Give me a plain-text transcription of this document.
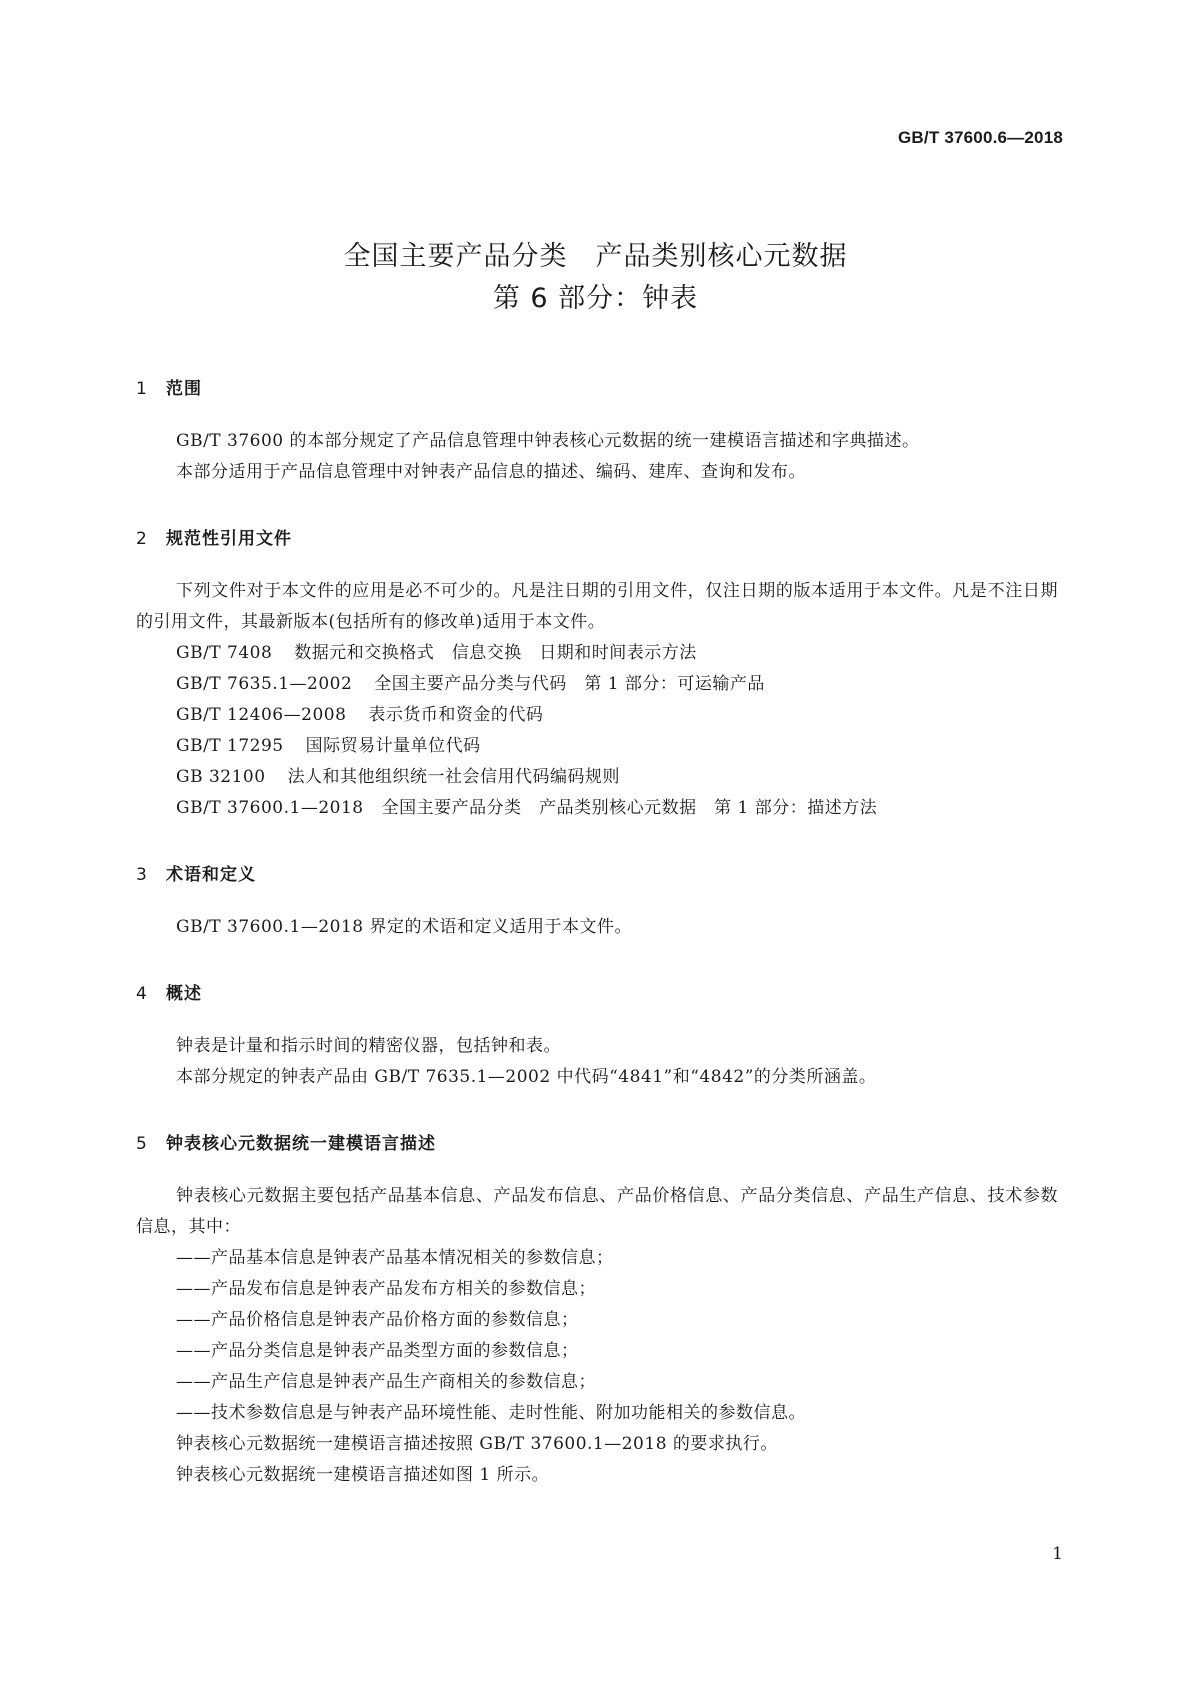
GB/T 37600.6—2018
全国主要产品分类　产品类别核心元数据
第 6 部分：钟表
1 范围
GB/T 37600 的本部分规定了产品信息管理中钟表核心元数据的统一建模语言描述和字典描述。
本部分适用于产品信息管理中对钟表产品信息的描述、编码、建库、查询和发布。
2 规范性引用文件
下列文件对于本文件的应用是必不可少的。凡是注日期的引用文件，仅注日期的版本适用于本文件。凡是不注日期的引用文件，其最新版本(包括所有的修改单)适用于本文件。
GB/T 7408 数据元和交换格式　信息交换　日期和时间表示方法
GB/T 7635.1—2002 全国主要产品分类与代码　第 1 部分：可运输产品
GB/T 12406—2008 表示货币和资金的代码
GB/T 17295 国际贸易计量单位代码
GB 32100 法人和其他组织统一社会信用代码编码规则
GB/T 37600.1—2018 全国主要产品分类　产品类别核心元数据　第 1 部分：描述方法
3 术语和定义
GB/T 37600.1—2018 界定的术语和定义适用于本文件。
4 概述
钟表是计量和指示时间的精密仪器，包括钟和表。
本部分规定的钟表产品由 GB/T 7635.1—2002 中代码“4841”和“4842”的分类所涵盖。
5 钟表核心元数据统一建模语言描述
钟表核心元数据主要包括产品基本信息、产品发布信息、产品价格信息、产品分类信息、产品生产信息、技术参数信息，其中：
——产品基本信息是钟表产品基本情况相关的参数信息；
——产品发布信息是钟表产品发布方相关的参数信息；
——产品价格信息是钟表产品价格方面的参数信息；
——产品分类信息是钟表产品类型方面的参数信息；
——产品生产信息是钟表产品生产商相关的参数信息；
——技术参数信息是与钟表产品环境性能、走时性能、附加功能相关的参数信息。
钟表核心元数据统一建模语言描述按照 GB/T 37600.1—2018 的要求执行。
钟表核心元数据统一建模语言描述如图 1 所示。
1
